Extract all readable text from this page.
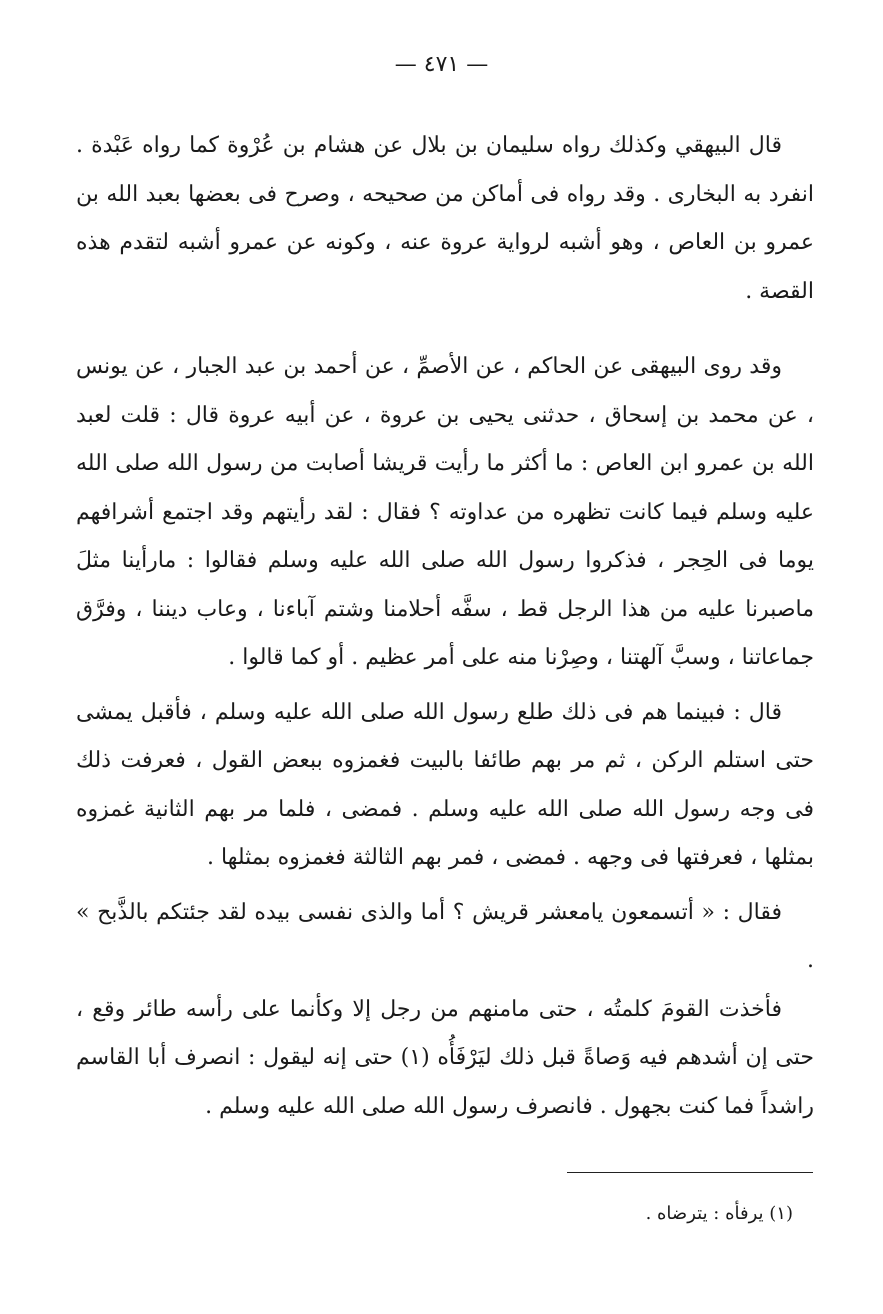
— ٤٧١ —

قال البيهقي وكذلك رواه سليمان بن بلال عن هشام بن عُرْوة كما رواه عَبْدة . انفرد به البخارى . وقد رواه فى أماكن من صحيحه ، وصرح فى بعضها بعبد الله بن عمرو بن العاص ، وهو أشبه لرواية عروة عنه ، وكونه عن عمرو أشبه لتقدم هذه القصة .

وقد روى البيهقى عن الحاكم ، عن الأصمِّ ، عن أحمد بن عبد الجبار ، عن يونس ، عن محمد بن إسحاق ، حدثنى يحيى بن عروة ، عن أبيه عروة قال : قلت لعبد الله بن عمرو ابن العاص : ما أكثر ما رأيت قريشا أصابت من رسول الله صلى الله عليه وسلم فيما كانت تظهره من عداوته ؟ فقال : لقد رأيتهم وقد اجتمع أشرافهم يوما فى الحِجر ، فذكروا رسول الله صلى الله عليه وسلم فقالوا : مارأينا مثلَ ماصبرنا عليه من هذا الرجل قط ، سفَّه أحلامنا وشتم آباءنا ، وعاب ديننا ، وفرَّق جماعاتنا ، وسبَّ آلهتنا ، وصِرْنا منه على أمر عظيم . أو كما قالوا .

قال : فبينما هم فى ذلك طلع رسول الله صلى الله عليه وسلم ، فأقبل يمشى حتى استلم الركن ، ثم مر بهم طائفا بالبيت فغمزوه ببعض القول ، فعرفت ذلك فى وجه رسول الله صلى الله عليه وسلم . فمضى ، فلما مر بهم الثانية غمزوه بمثلها ، فعرفتها فى وجهه . فمضى ، فمر بهم الثالثة فغمزوه بمثلها .

فقال : « أتسمعون يامعشر قريش ؟ أما والذى نفسى بيده لقد جئتكم بالذَّبح » .

فأخذت القومَ كلمتُه ، حتى مامنهم من رجل إلا وكأنما على رأسه طائر وقع ، حتى إن أشدهم فيه وَصاةً قبل ذلك ليَرْفَأُه (١) حتى إنه ليقول : انصرف أبا القاسم راشداً فما كنت بجهول . فانصرف رسول الله صلى الله عليه وسلم .

(١) يرفأه : يترضاه .
